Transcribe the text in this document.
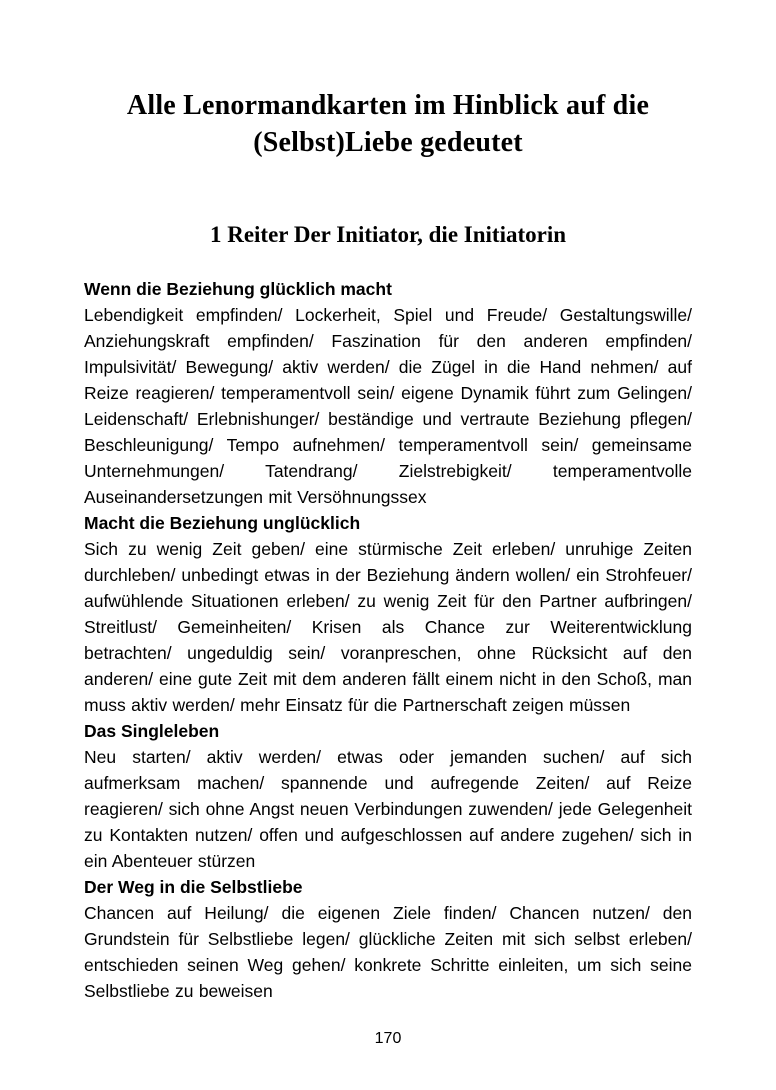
Alle Lenormandkarten im Hinblick auf die (Selbst)Liebe gedeutet
1 Reiter Der Initiator, die Initiatorin
Wenn die Beziehung glücklich macht

Lebendigkeit empfinden/ Lockerheit, Spiel und Freude/ Gestaltungswille/ Anziehungskraft empfinden/ Faszination für den anderen empfinden/ Impulsivität/ Bewegung/ aktiv werden/ die Zügel in die Hand nehmen/ auf Reize reagieren/ temperamentvoll sein/ eigene Dynamik führt zum Gelingen/ Leidenschaft/ Erlebnishunger/ beständige und vertraute Beziehung pflegen/ Beschleunigung/ Tempo aufnehmen/ temperamentvoll sein/ gemeinsame Unternehmungen/ Tatendrang/ Zielstrebigkeit/ temperamentvolle Auseinandersetzungen mit Versöhnungssex

Macht die Beziehung unglücklich

Sich zu wenig Zeit geben/ eine stürmische Zeit erleben/ unruhige Zeiten durchleben/ unbedingt etwas in der Beziehung ändern wollen/ ein Strohfeuer/ aufwühlende Situationen erleben/ zu wenig Zeit für den Partner aufbringen/ Streitlust/ Gemeinheiten/ Krisen als Chance zur Weiterentwicklung betrachten/ ungeduldig sein/ voranpreschen, ohne Rücksicht auf den anderen/ eine gute Zeit mit dem anderen fällt einem nicht in den Schoß, man muss aktiv werden/ mehr Einsatz für die Partnerschaft zeigen müssen

Das Singleleben

Neu starten/ aktiv werden/ etwas oder jemanden suchen/ auf sich aufmerksam machen/ spannende und aufregende Zeiten/ auf Reize reagieren/ sich ohne Angst neuen Verbindungen zuwenden/ jede Gelegenheit zu Kontakten nutzen/ offen und aufgeschlossen auf andere zugehen/ sich in ein Abenteuer stürzen

Der Weg in die Selbstliebe

Chancen auf Heilung/ die eigenen Ziele finden/ Chancen nutzen/ den Grundstein für Selbstliebe legen/ glückliche Zeiten mit sich selbst erleben/ entschieden seinen Weg gehen/ konkrete Schritte einleiten, um sich seine Selbstliebe zu beweisen

170
